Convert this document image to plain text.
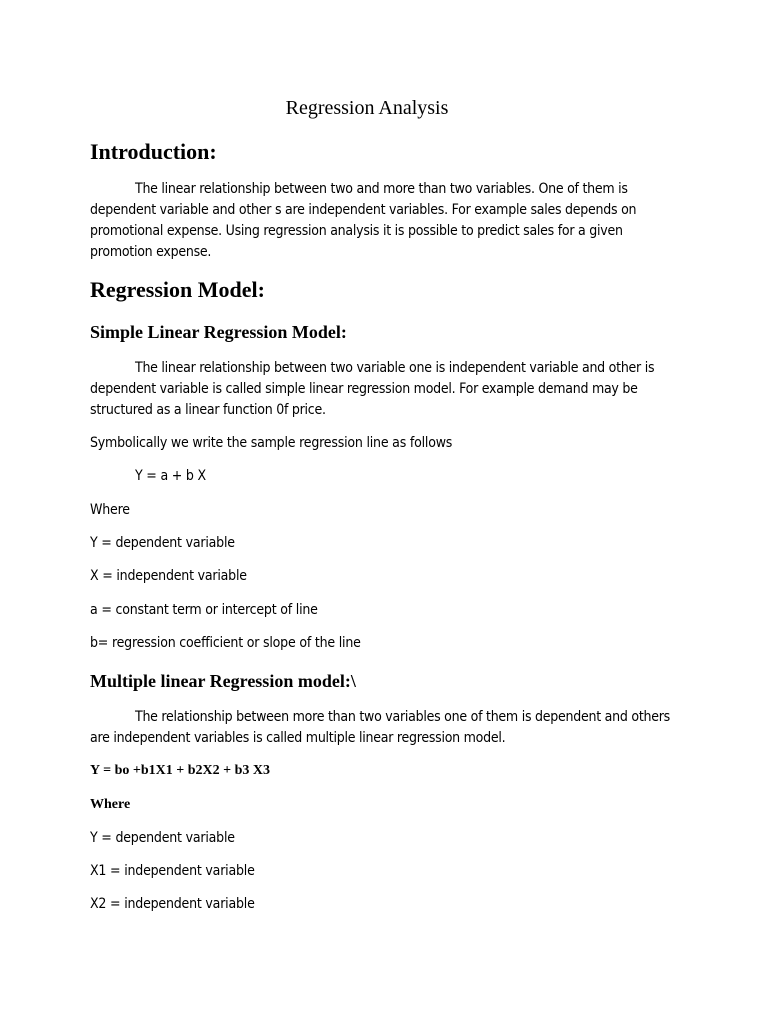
Regression Analysis
Introduction:

The linear relationship between two and more than two variables. One of them is dependent variable and other s are independent variables. For example sales depends on promotional expense. Using regression analysis it is possible to predict sales for a given promotion expense.

Regression Model:
Simple Linear Regression Model:

The linear relationship between two variable one is independent variable and other is dependent variable is called simple linear regression model. For example demand may be structured as a linear function 0f price.

Symbolically we write the sample regression line as follows
Y = a + b X
Where
Y = dependent variable
X = independent variable
a = constant term or intercept of line
b= regression coefficient or slope of the line
Multiple linear Regression model:\

The relationship between more than two variables one of them is dependent and others are independent variables is called multiple linear regression model.

Y = bo +b1X1 + b2X2 + b3 X3
Where
Y = dependent variable
X1 = independent variable
X2 = independent variable
